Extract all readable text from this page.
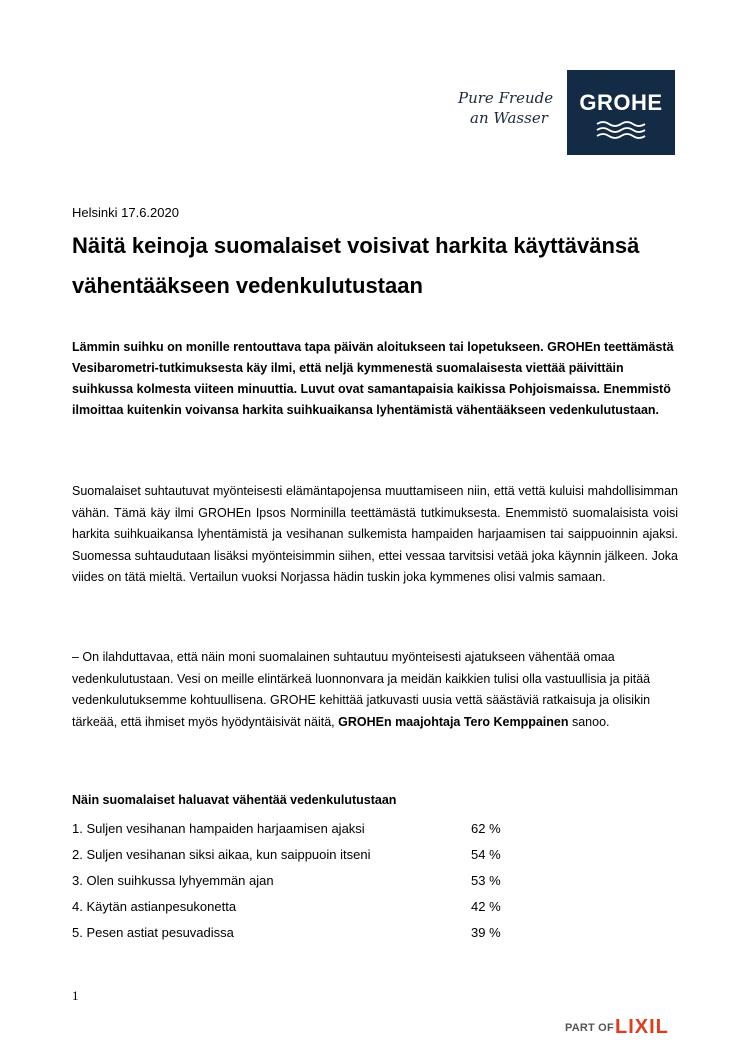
Pure Freude
an Wasser
GROHE
Helsinki 17.6.2020
Näitä keinoja suomalaiset voisivat harkita käyttävänsä vähentääkseen vedenkulutustaan

Lämmin suihku on monille rentouttava tapa päivän aloitukseen tai lopetukseen. GROHEn teettämästä Vesibarometri-tutkimuksesta käy ilmi, että neljä kymmenestä suomalaisesta viettää päivittäin suihkussa kolmesta viiteen minuuttia. Luvut ovat samantapaisia kaikissa Pohjoismaissa. Enemmistö ilmoittaa kuitenkin voivansa harkita suihkuaikansa lyhentämistä vähentääkseen vedenkulutustaan.

Suomalaiset suhtautuvat myönteisesti elämäntapojensa muuttamiseen niin, että vettä kuluisi mahdollisimman vähän. Tämä käy ilmi GROHEn Ipsos Norminilla teettämästä tutkimuksesta. Enemmistö suomalaisista voisi harkita suihkuaikansa lyhentämistä ja vesihanan sulkemista hampaiden harjaamisen tai saippuoinnin ajaksi. Suomessa suhtaudutaan lisäksi myönteisimmin siihen, ettei vessaa tarvitsisi vetää joka käynnin jälkeen. Joka viides on tätä mieltä. Vertailun vuoksi Norjassa hädin tuskin joka kymmenes olisi valmis samaan.

– On ilahduttavaa, että näin moni suomalainen suhtautuu myönteisesti ajatukseen vähentää omaa vedenkulutustaan. Vesi on meille elintärkeä luonnonvara ja meidän kaikkien tulisi olla vastuullisia ja pitää vedenkulutuksemme kohtuullisena. GROHE kehittää jatkuvasti uusia vettä säästäviä ratkaisuja ja olisikin tärkeää, että ihmiset myös hyödyntäisivät näitä, GROHEn maajohtaja Tero Kemppainen sanoo.

Näin suomalaiset haluavat vähentää vedenkulutustaan
1. Suljen vesihanan hampaiden harjaamisen ajaksi	62 %
2. Suljen vesihanan siksi aikaa, kun saippuoin itseni	54 %
3. Olen suihkussa lyhyemmän ajan	53 %
4. Käytän astianpesukonetta	42 %
5. Pesen astiat pesuvadissa	39 %
1
PART OF LIXIL
